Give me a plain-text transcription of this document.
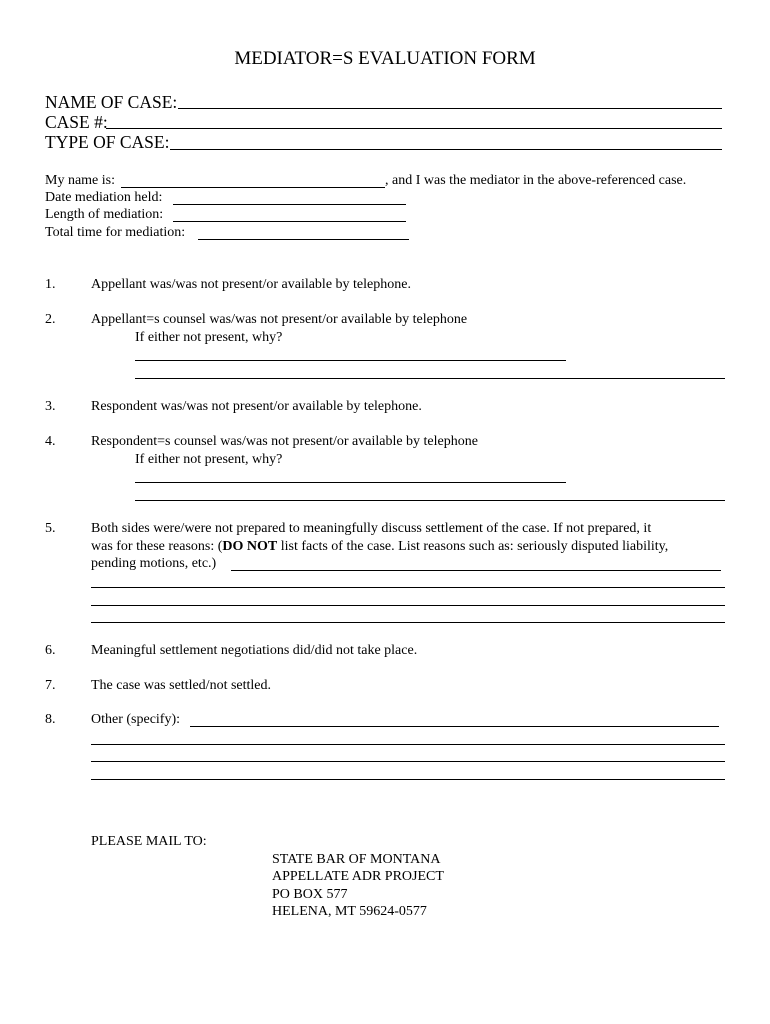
MEDIATOR=S EVALUATION FORM
NAME OF CASE:
CASE #:
TYPE OF CASE:
My name is:	, and I was the mediator in the above-referenced case.
Date mediation held:
Length of mediation:
Total time for mediation:
1.	Appellant was/was not present/or available by telephone.
2.	Appellant=s counsel was/was not present/or available by telephone
If either not present, why?
3.	Respondent was/was not present/or available by telephone.
4.	Respondent=s counsel was/was not present/or available by telephone
If either not present, why?
5.	Both sides were/were not prepared to meaningfully discuss settlement of the case. If not prepared, it
was for these reasons: (DO NOT list facts of the case. List reasons such as: seriously disputed liability,
pending motions, etc.)
6.	Meaningful settlement negotiations did/did not take place.
7.	The case was settled/not settled.
8.	Other (specify):
PLEASE MAIL TO:
STATE BAR OF MONTANA
APPELLATE ADR PROJECT
PO BOX 577
HELENA, MT 59624-0577
